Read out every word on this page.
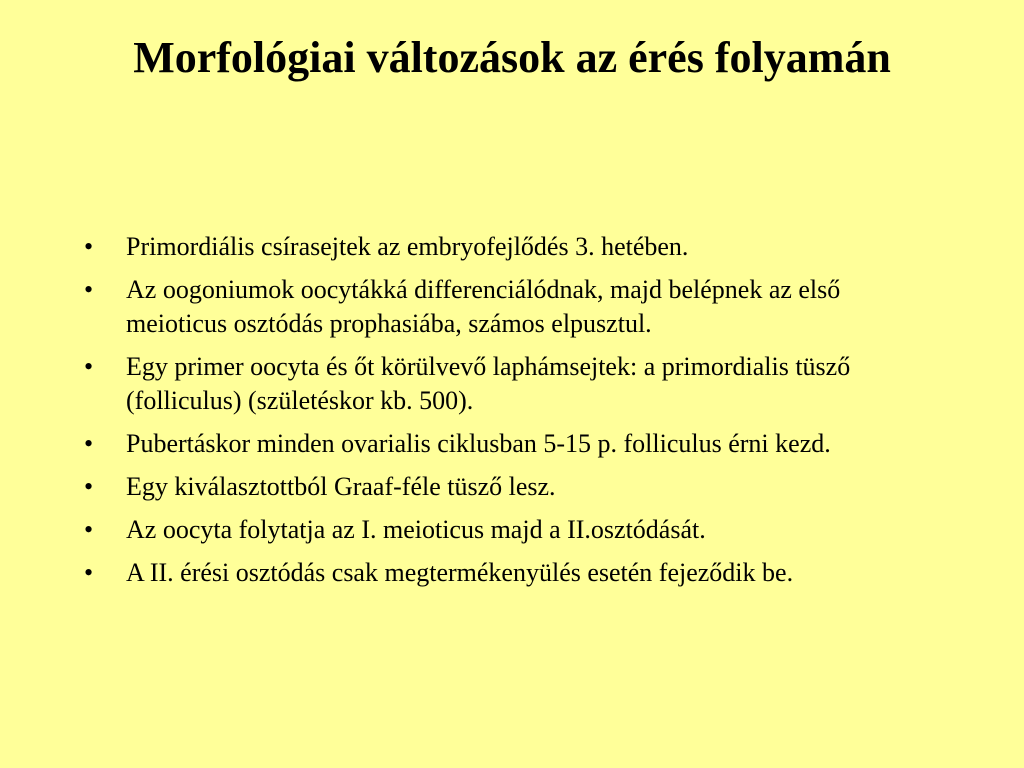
Morfológiai változások az érés folyamán
•	Primordiális csírasejtek az embryofejlődés 3. hetében.
•	Az oogoniumok oocytákká differenciálódnak, majd belépnek az első meioticus osztódás prophasiába, számos elpusztul.
•	Egy primer oocyta és őt körülvevő laphámsejtek: a primordialis tüsző (folliculus) (születéskor kb. 500).
•	Pubertáskor minden ovarialis ciklusban 5-15 p. folliculus érni kezd.
•	Egy kiválasztottból Graaf-féle tüsző lesz.
•	Az oocyta folytatja az I. meioticus majd a II.osztódását.
•	A II. érési osztódás csak megtermékenyülés esetén fejeződik be.
